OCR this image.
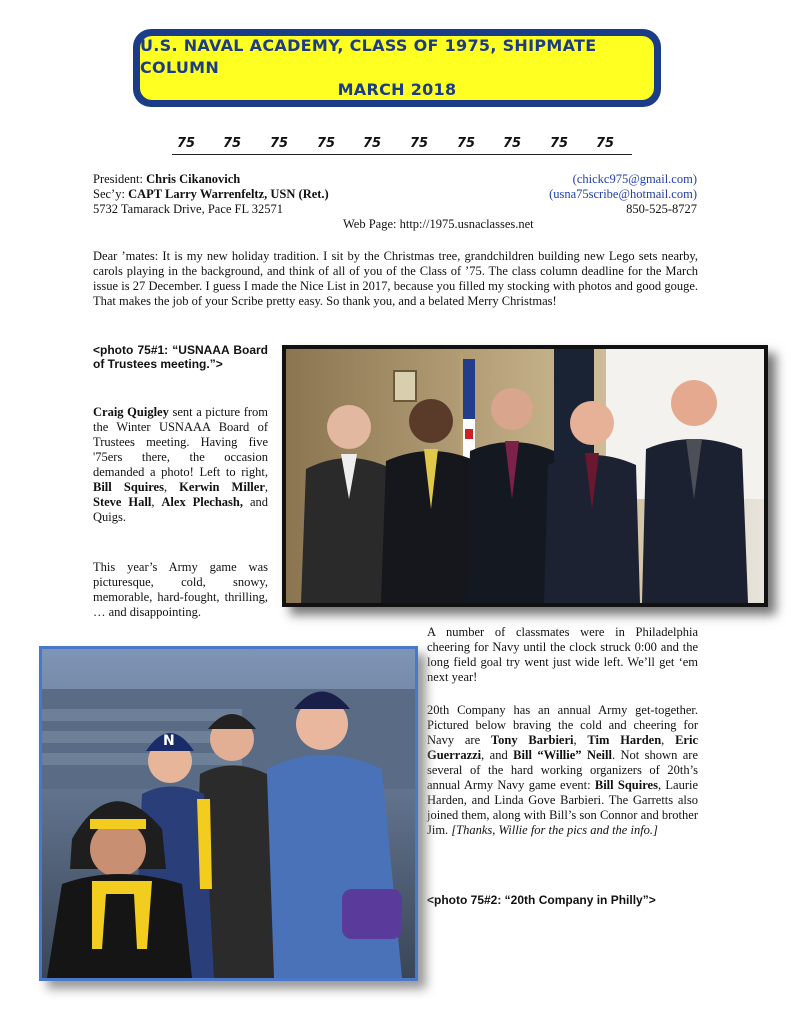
U.S. NAVAL ACADEMY, CLASS OF 1975, SHIPMATE COLUMN
MARCH 2018
75 75 75 75 75 75 75 75 75 75
President: Chris Cikanovich	(chickc975@gmail.com)
Sec’y: CAPT Larry Warrenfeltz, USN (Ret.)	(usna75scribe@hotmail.com)
5732 Tamarack Drive, Pace FL 32571	850-525-8727
Web Page: http://1975.usnaclasses.net
Dear ’mates: It is my new holiday tradition. I sit by the Christmas tree, grandchildren building new Lego sets nearby, carols playing in the background, and think of all of you of the Class of ’75. The class column deadline for the March issue is 27 December. I guess I made the Nice List in 2017, because you filled my stocking with photos and good gouge. That makes the job of your Scribe pretty easy. So thank you, and a belated Merry Christmas!
<photo 75#1: “USNAAA Board of Trustees meeting.”>
Craig Quigley sent a picture from the Winter USNAAA Board of Trustees meeting. Having five '75ers there, the occasion demanded a photo! Left to right, Bill Squires, Kerwin Miller, Steve Hall, Alex Plechash, and Quigs.
This year’s Army game was picturesque, cold, snowy, memorable, hard-fought, thrilling, … and disappointing.
A number of classmates were in Philadelphia cheering for Navy until the clock struck 0:00 and the long field goal try went just wide left. We’ll get ‘em next year!
20th Company has an annual Army get-together. Pictured below braving the cold and cheering for Navy are Tony Barbieri, Tim Harden, Eric Guerrazzi, and Bill “Willie” Neill. Not shown are several of the hard working organizers of 20th’s annual Army Navy game event: Bill Squires, Laurie Harden, and Linda Gove Barbieri. The Garretts also joined them, along with Bill’s son Connor and brother Jim. [Thanks, Willie for the pics and the info.]
<photo 75#2: “20th Company in Philly”>
N
